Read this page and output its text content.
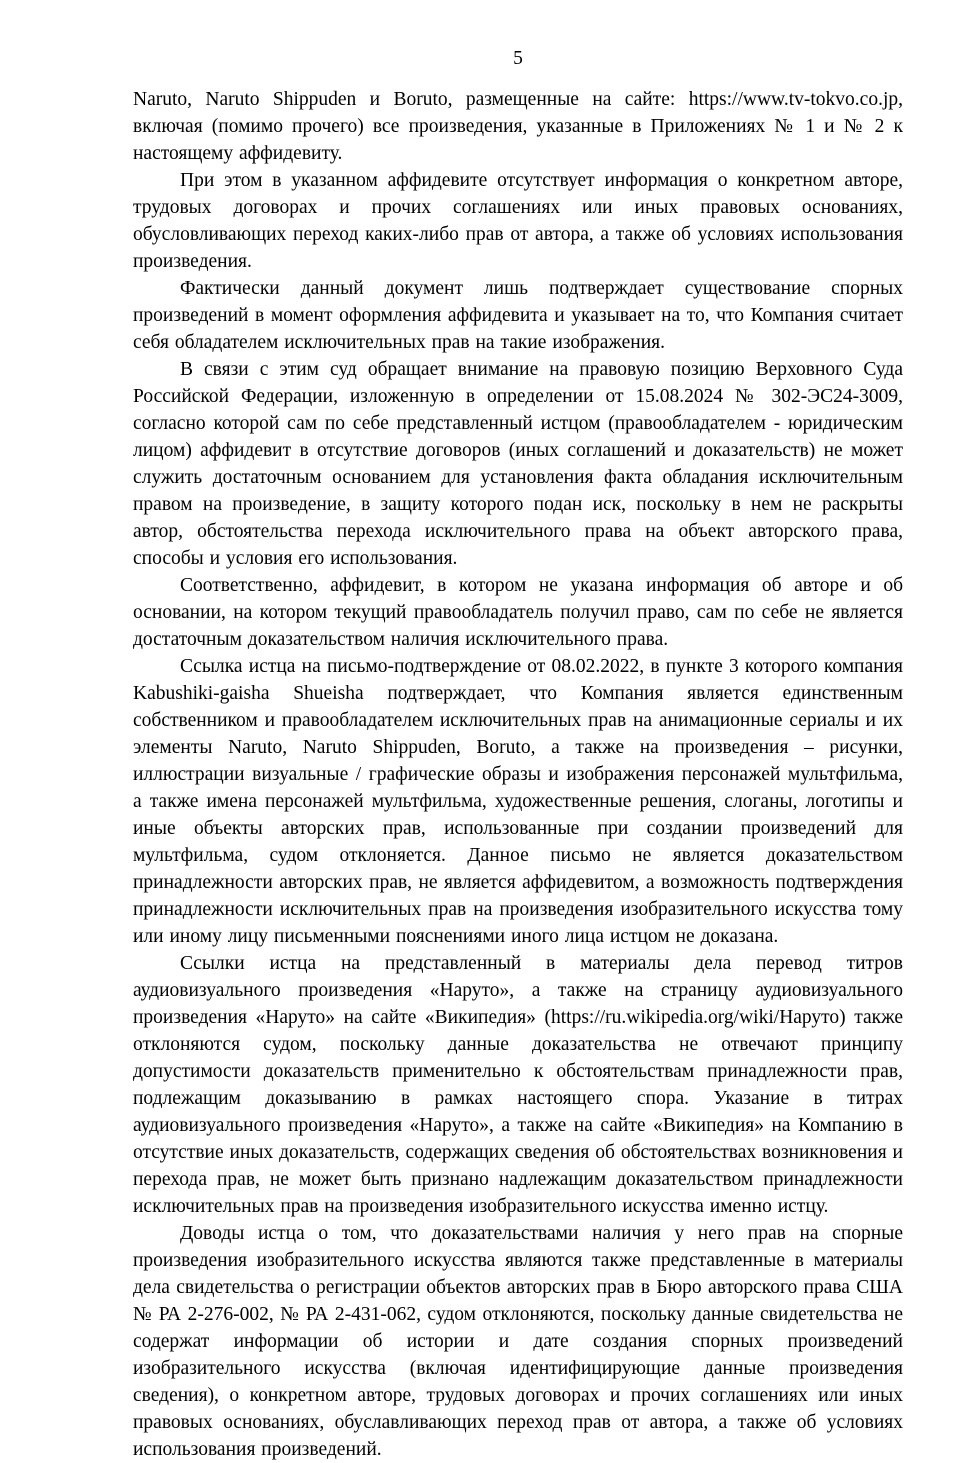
5

Naruto, Naruto Shippuden и Boruto, размещенные на сайте: https://www.tv-tokvo.co.jp, включая (помимо прочего) все произведения, указанные в Приложениях № 1 и № 2 к настоящему аффидевиту.

При этом в указанном аффидевите отсутствует информация о конкретном авторе, трудовых договорах и прочих соглашениях или иных правовых основаниях, обусловливающих переход каких-либо прав от автора, а также об условиях использования произведения.

Фактически данный документ лишь подтверждает существование спорных произведений в момент оформления аффидевита и указывает на то, что Компания считает себя обладателем исключительных прав на такие изображения.

В связи с этим суд обращает внимание на правовую позицию Верховного Суда Российской Федерации, изложенную в определении от 15.08.2024 № 302-ЭС24-3009, согласно которой сам по себе представленный истцом (правообладателем - юридическим лицом) аффидевит в отсутствие договоров (иных соглашений и доказательств) не может служить достаточным основанием для установления факта обладания исключительным правом на произведение, в защиту которого подан иск, поскольку в нем не раскрыты автор, обстоятельства перехода исключительного права на объект авторского права, способы и условия его использования.

Соответственно, аффидевит, в котором не указана информация об авторе и об основании, на котором текущий правообладатель получил право, сам по себе не является достаточным доказательством наличия исключительного права.

Ссылка истца на письмо-подтверждение от 08.02.2022, в пункте 3 которого компания Kabushiki-gaisha Shueisha подтверждает, что Компания является единственным собственником и правообладателем исключительных прав на анимационные сериалы и их элементы Naruto, Naruto Shippuden, Boruto, а также на произведения – рисунки, иллюстрации визуальные / графические образы и изображения персонажей мультфильма, а также имена персонажей мультфильма, художественные решения, слоганы, логотипы и иные объекты авторских прав, использованные при создании произведений для мультфильма, судом отклоняется. Данное письмо не является доказательством принадлежности авторских прав, не является аффидевитом, а возможность подтверждения принадлежности исключительных прав на произведения изобразительного искусства тому или иному лицу письменными пояснениями иного лица истцом не доказана.

Ссылки истца на представленный в материалы дела перевод титров аудиовизуального произведения «Наруто», а также на страницу аудиовизуального произведения «Наруто» на сайте «Википедия» (https://ru.wikipedia.org/wiki/Наруто) также отклоняются судом, поскольку данные доказательства не отвечают принципу допустимости доказательств применительно к обстоятельствам принадлежности прав, подлежащим доказыванию в рамках настоящего спора. Указание в титрах аудиовизуального произведения «Наруто», а также на сайте «Википедия» на Компанию в отсутствие иных доказательств, содержащих сведения об обстоятельствах возникновения и перехода прав, не может быть признано надлежащим доказательством принадлежности исключительных прав на произведения изобразительного искусства именно истцу.

Доводы истца о том, что доказательствами наличия у него прав на спорные произведения изобразительного искусства являются также представленные в материалы дела свидетельства о регистрации объектов авторских прав в Бюро авторского права США № РА 2-276-002, № РА 2-431-062, судом отклоняются, поскольку данные свидетельства не содержат информации об истории и дате создания спорных произведений изобразительного искусства (включая идентифицирующие данные произведения сведения), о конкретном авторе, трудовых договорах и прочих соглашениях или иных правовых основаниях, обуславливающих переход прав от автора, а также об условиях использования произведений.
